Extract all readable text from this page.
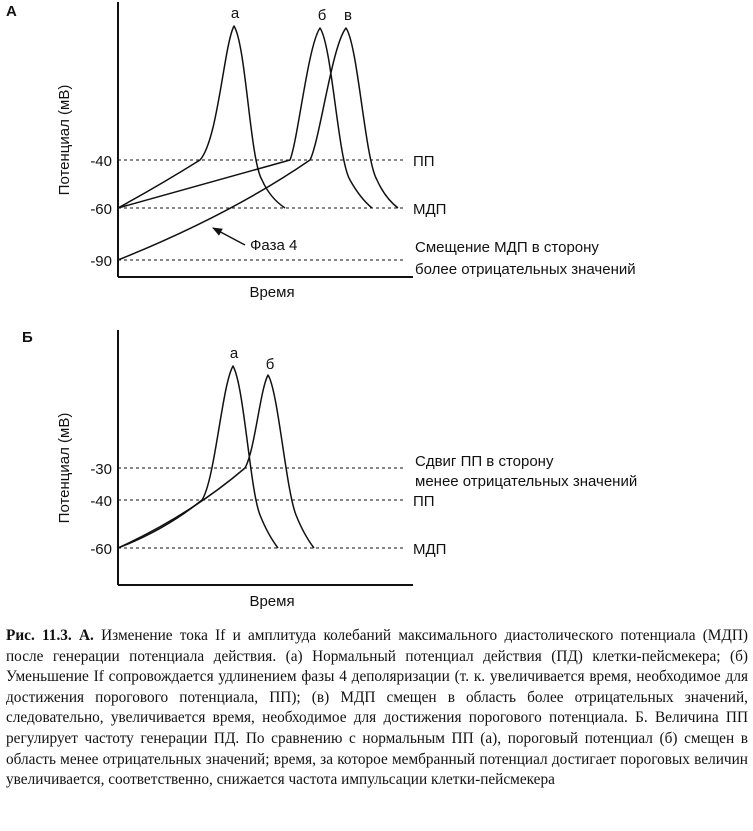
А
Потенциал (мВ) -40
-60
-90
а	б в
ПП
МДП
Фаза 4	Смещение МДП в сторону
более отрицательных значений
Время
Б
Потенциал (мВ) -30
-40
-60
а
б
ПП
МДП
Сдвиг ПП в сторону
менее отрицательных значений
Время
Рис. 11.3. А. Изменение тока If и амплитуда колебаний максимального диастолического потенциала (МДП) после генерации потенциала действия. (а) Нормальный потенциал действия (ПД) клетки-пейсмекера; (б) Уменьшение If сопровождается удлинением фазы 4 деполяризации (т. к. увеличивается время, необходимое для достижения порогового потенциала, ПП); (в) МДП смещен в область более отрицательных значений, следовательно, увеличивается время, необходимое для достижения порогового потенциала. Б. Величина ПП регулирует частоту генерации ПД. По сравнению с нормальным ПП (а), пороговый потенциал (б) смещен в область менее отрицательных значений; время, за которое мембранный потенциал достигает пороговых величин увеличивается, соответственно, снижается частота импульсации клетки-пейсмекера
